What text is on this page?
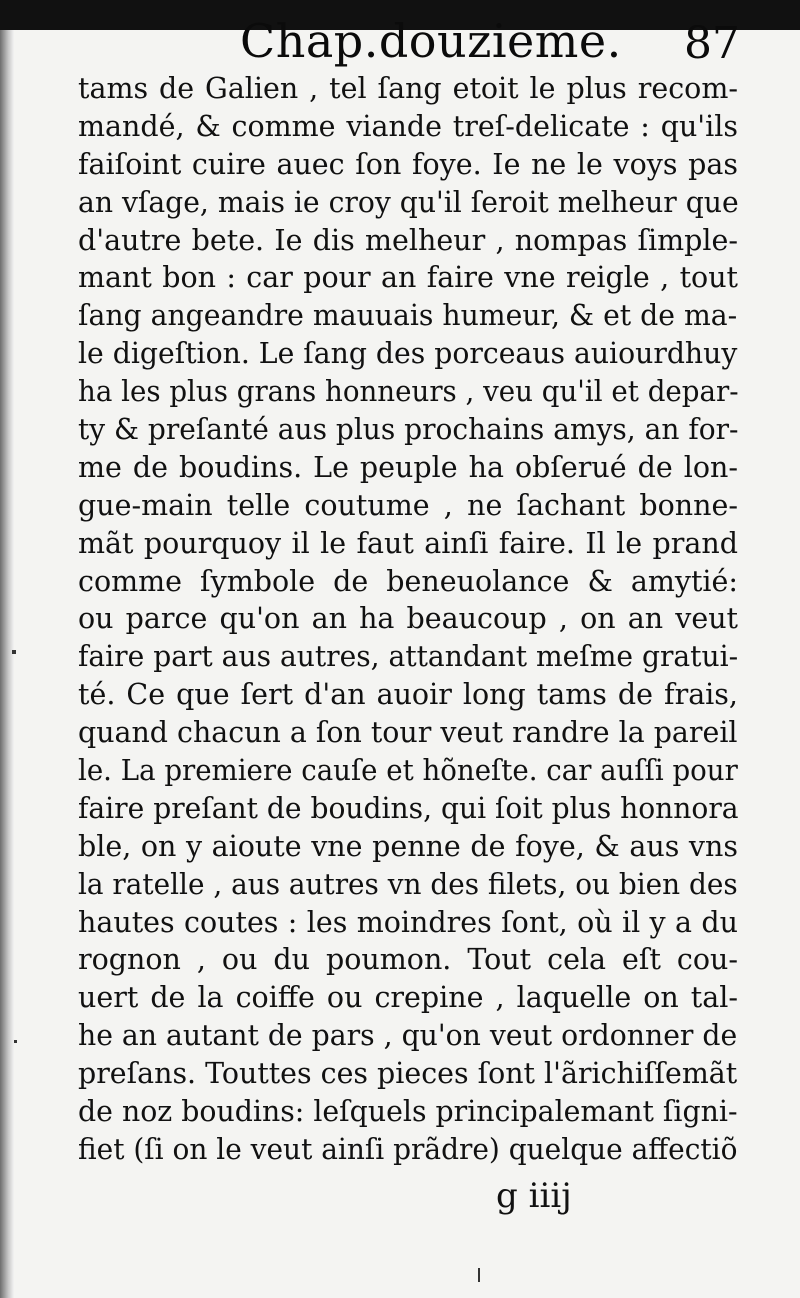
Chap.douzieme. 87
tams de Galien , tel ſang etoit le plus recom-
mandé, & comme viande treſ-delicate : qu'ils
faiſoint cuire auec ſon foye. Ie ne le voys pas
an vſage, mais ie croy qu'il ſeroit melheur que
d'autre bete. Ie dis melheur , nompas ſimple-
mant bon : car pour an faire vne reigle , tout
ſang angeandre mauuais humeur, & et de ma-
le digeſtion. Le ſang des porceaus auiourdhuy
ha les plus grans honneurs , veu qu'il et depar-
ty & preſanté aus plus prochains amys, an for-
me de boudins. Le peuple ha obſerué de lon-
gue-main telle coutume , ne ſachant bonne-
mãt pourquoy il le faut ainſi faire. Il le prand
comme ſymbole de beneuolance & amytié:
ou parce qu'on an ha beaucoup , on an veut
faire part aus autres, attandant meſme gratui-
té. Ce que ſert d'an auoir long tams de frais,
quand chacun a ſon tour veut randre la pareil
le. La premiere cauſe et hõneſte. car auſſi pour
faire preſant de boudins, qui ſoit plus honnora
ble, on y aioute vne penne de foye, & aus vns
la ratelle , aus autres vn des filets, ou bien des
hautes coutes : les moindres ſont, où il y a du
rognon , ou du poumon. Tout cela eſt cou-
uert de la coiffe ou crepine , laquelle on tal-
he an autant de pars , qu'on veut ordonner de
preſans. Touttes ces pieces ſont l'ãrichiſſemãt
de noz boudins: leſquels principalemant ſigni-
fiet (ſi on le veut ainſi prãdre) quelque affectiõ
g iiij
